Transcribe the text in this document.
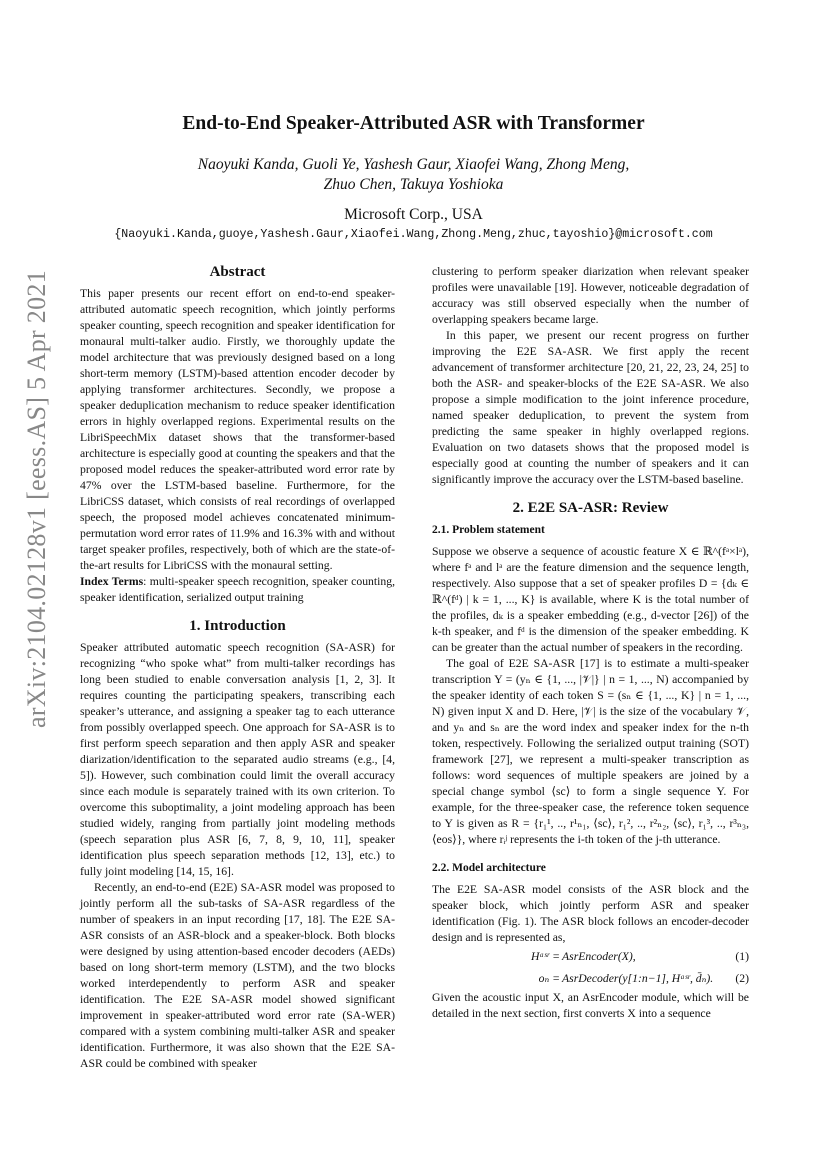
arXiv:2104.02128v1 [eess.AS] 5 Apr 2021
End-to-End Speaker-Attributed ASR with Transformer
Naoyuki Kanda, Guoli Ye, Yashesh Gaur, Xiaofei Wang, Zhong Meng,
Zhuo Chen, Takuya Yoshioka
Microsoft Corp., USA
{Naoyuki.Kanda,guoye,Yashesh.Gaur,Xiaofei.Wang,Zhong.Meng,zhuc,tayoshio}@microsoft.com
Abstract

This paper presents our recent effort on end-to-end speaker-attributed automatic speech recognition, which jointly performs speaker counting, speech recognition and speaker identification for monaural multi-talker audio. Firstly, we thoroughly update the model architecture that was previously designed based on a long short-term memory (LSTM)-based attention encoder decoder by applying transformer architectures. Secondly, we propose a speaker deduplication mechanism to reduce speaker identification errors in highly overlapped regions. Experimental results on the LibriSpeechMix dataset shows that the transformer-based architecture is especially good at counting the speakers and that the proposed model reduces the speaker-attributed word error rate by 47% over the LSTM-based baseline. Furthermore, for the LibriCSS dataset, which consists of real recordings of overlapped speech, the proposed model achieves concatenated minimum-permutation word error rates of 11.9% and 16.3% with and without target speaker profiles, respectively, both of which are the state-of-the-art results for LibriCSS with the monaural setting.

Index Terms: multi-speaker speech recognition, speaker counting, speaker identification, serialized output training

1. Introduction

Speaker attributed automatic speech recognition (SA-ASR) for recognizing “who spoke what” from multi-talker recordings has long been studied to enable conversation analysis [1, 2, 3]. It requires counting the participating speakers, transcribing each speaker’s utterance, and assigning a speaker tag to each utterance from possibly overlapped speech. One approach for SA-ASR is to first perform speech separation and then apply ASR and speaker diarization/identification to the separated audio streams (e.g., [4, 5]). However, such combination could limit the overall accuracy since each module is separately trained with its own criterion. To overcome this suboptimality, a joint modeling approach has been studied widely, ranging from partially joint modeling methods (speech separation plus ASR [6, 7, 8, 9, 10, 11], speaker identification plus speech separation methods [12, 13], etc.) to fully joint modeling [14, 15, 16].

Recently, an end-to-end (E2E) SA-ASR model was proposed to jointly perform all the sub-tasks of SA-ASR regardless of the number of speakers in an input recording [17, 18]. The E2E SA-ASR consists of an ASR-block and a speaker-block. Both blocks were designed by using attention-based encoder decoders (AEDs) based on long short-term memory (LSTM), and the two blocks worked interdependently to perform ASR and speaker identification. The E2E SA-ASR model showed significant improvement in speaker-attributed word error rate (SA-WER) compared with a system combining multi-talker ASR and speaker identification. Furthermore, it was also shown that the E2E SA-ASR could be combined with speaker

clustering to perform speaker diarization when relevant speaker profiles were unavailable [19]. However, noticeable degradation of accuracy was still observed especially when the number of overlapping speakers became large.

In this paper, we present our recent progress on further improving the E2E SA-ASR. We first apply the recent advancement of transformer architecture [20, 21, 22, 23, 24, 25] to both the ASR- and speaker-blocks of the E2E SA-ASR. We also propose a simple modification to the joint inference procedure, named speaker deduplication, to prevent the system from predicting the same speaker in highly overlapped regions. Evaluation on two datasets shows that the proposed model is especially good at counting the number of speakers and it can significantly improve the accuracy over the LSTM-based baseline.

2. E2E SA-ASR: Review
2.1. Problem statement

Suppose we observe a sequence of acoustic feature X ∈ ℝ^(fᵃ×lᵃ), where fᵃ and lᵃ are the feature dimension and the sequence length, respectively. Also suppose that a set of speaker profiles D = {dₖ ∈ ℝ^(fᵈ) | k = 1, ..., K} is available, where K is the total number of the profiles, dₖ is a speaker embedding (e.g., d-vector [26]) of the k-th speaker, and fᵈ is the dimension of the speaker embedding. K can be greater than the actual number of speakers in the recording.

The goal of E2E SA-ASR [17] is to estimate a multi-speaker transcription Y = (yₙ ∈ {1, ..., |𝒱|} | n = 1, ..., N) accompanied by the speaker identity of each token S = (sₙ ∈ {1, ..., K} | n = 1, ..., N) given input X and D. Here, |𝒱| is the size of the vocabulary 𝒱, and yₙ and sₙ are the word index and speaker index for the n-th token, respectively. Following the serialized output training (SOT) framework [27], we represent a multi-speaker transcription as follows: word sequences of multiple speakers are joined by a special change symbol ⟨sc⟩ to form a single sequence Y. For example, for the three-speaker case, the reference token sequence to Y is given as R = {r₁¹, .., r¹ₙ₁, ⟨sc⟩, r₁², .., r²ₙ₂, ⟨sc⟩, r₁³, .., r³ₙ₃, ⟨eos⟩}, where rᵢʲ represents the i-th token of the j-th utterance.

2.2. Model architecture

The E2E SA-ASR model consists of the ASR block and the speaker block, which jointly perform ASR and speaker identification (Fig. 1). The ASR block follows an encoder-decoder design and is represented as,

Hᵃˢʳ = AsrEncoder(X),	(1)
oₙ = AsrDecoder(y[1:n−1], Hᵃˢʳ, d̄ₙ).	(2)

Given the acoustic input X, an AsrEncoder module, which will be detailed in the next section, first converts X into a sequence
